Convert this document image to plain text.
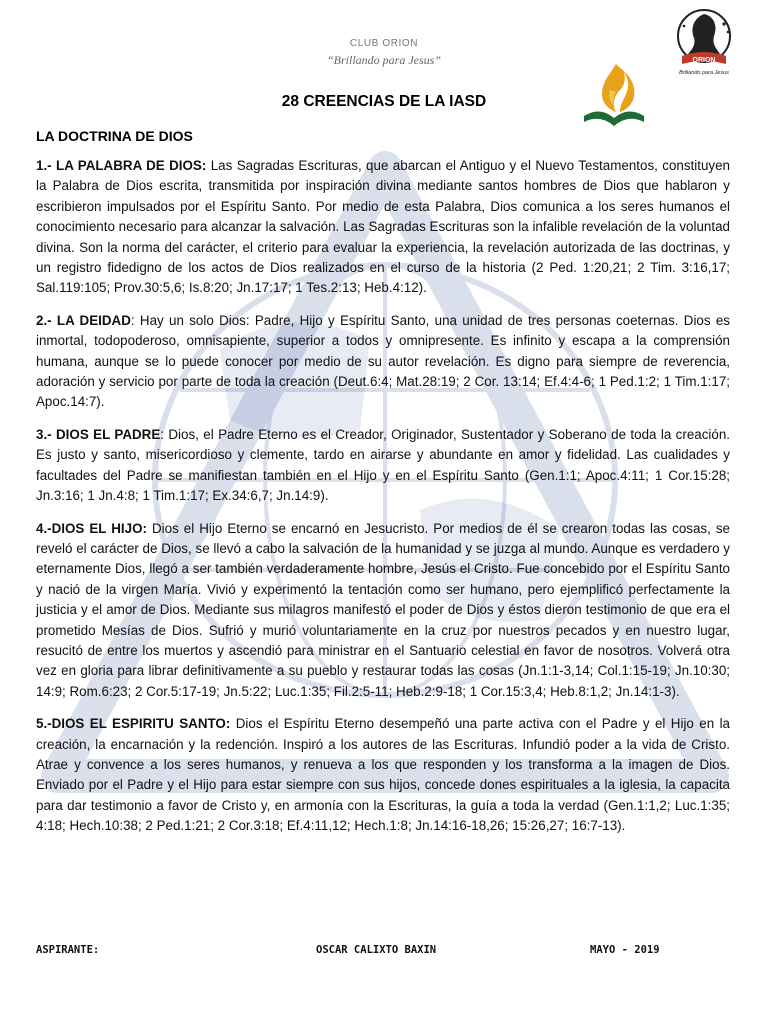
CLUB ORION
“Brillando para Jesus”	ORION
Brillando para Jesus
28 CREENCIAS DE LA IASD
LA DOCTRINA DE DIOS

1.- LA PALABRA DE DIOS: Las Sagradas Escrituras, que abarcan el Antiguo y el Nuevo Testamentos, constituyen la Palabra de Dios escrita, transmitida por inspiración divina mediante santos hombres de Dios que hablaron y escribieron impulsados por el Espíritu Santo. Por medio de esta Palabra, Dios comunica a los seres humanos el conocimiento necesario para alcanzar la salvación. Las Sagradas Escrituras son la infalible revelación de la voluntad divina. Son la norma del carácter, el criterio para evaluar la experiencia, la revelación autorizada de las doctrinas, y un registro fidedigno de los actos de Dios realizados en el curso de la historia (2 Ped. 1:20,21; 2 Tim. 3:16,17; Sal.119:105; Prov.30:5,6; Is.8:20; Jn.17:17; 1 Tes.2:13; Heb.4:12).

2.- LA DEIDAD: Hay un solo Dios: Padre, Hijo y Espíritu Santo, una unidad de tres personas coeternas. Dios es inmortal, todopoderoso, omnisapiente, superior a todos y omnipresente. Es infinito y escapa a la comprensión humana, aunque se lo puede conocer por medio de su autor revelación. Es digno para siempre de reverencia, adoración y servicio por parte de toda la creación (Deut.6:4; Mat.28:19; 2 Cor. 13:14; Ef.4:4-6; 1 Ped.1:2; 1 Tim.1:17; Apoc.14:7).

3.- DIOS EL PADRE: Dios, el Padre Eterno es el Creador, Originador, Sustentador y Soberano de toda la creación. Es justo y santo, misericordioso y clemente, tardo en airarse y abundante en amor y fidelidad. Las cualidades y facultades del Padre se manifiestan también en el Hijo y en el Espíritu Santo (Gen.1:1; Apoc.4:11; 1 Cor.15:28; Jn.3:16; 1 Jn.4:8; 1 Tim.1:17; Ex.34:6,7; Jn.14:9).

4.-DIOS EL HIJO: Dios el Hijo Eterno se encarnó en Jesucristo. Por medios de él se crearon todas las cosas, se reveló el carácter de Dios, se llevó a cabo la salvación de la humanidad y se juzga al mundo. Aunque es verdadero y eternamente Dios, llegó a ser también verdaderamente hombre, Jesús el Cristo. Fue concebido por el Espíritu Santo y nació de la virgen María. Vivió y experimentó la tentación como ser humano, pero ejemplificó perfectamente la justicia y el amor de Dios. Mediante sus milagros manifestó el poder de Dios y éstos dieron testimonio de que era el prometido Mesías de Dios. Sufrió y murió voluntariamente en la cruz por nuestros pecados y en nuestro lugar, resucitó de entre los muertos y ascendió para ministrar en el Santuario celestial en favor de nosotros. Volverá otra vez en gloria para librar definitivamente a su pueblo y restaurar todas las cosas (Jn.1:1-3,14; Col.1:15-19; Jn.10:30; 14:9; Rom.6:23; 2 Cor.5:17-19; Jn.5:22; Luc.1:35; Fil.2:5-11; Heb.2:9-18; 1 Cor.15:3,4; Heb.8:1,2; Jn.14:1-3).

5.-DIOS EL ESPIRITU SANTO: Dios el Espíritu Eterno desempeñó una parte activa con el Padre y el Hijo en la creación, la encarnación y la redención. Inspiró a los autores de las Escrituras. Infundió poder a la vida de Cristo. Atrae y convence a los seres humanos, y renueva a los que responden y los transforma a la imagen de Dios. Enviado por el Padre y el Hijo para estar siempre con sus hijos, concede dones espirituales a la iglesia, la capacita para dar testimonio a favor de Cristo y, en armonía con la Escrituras, la guía a toda la verdad (Gen.1:1,2; Luc.1:35; 4:18; Hech.10:38; 2 Ped.1:21; 2 Cor.3:18; Ef.4:11,12; Hech.1:8; Jn.14:16-18,26; 15:26,27; 16:7-13).

ASPIRANTE:	OSCAR CALIXTO BAXIN	MAYO - 2019
